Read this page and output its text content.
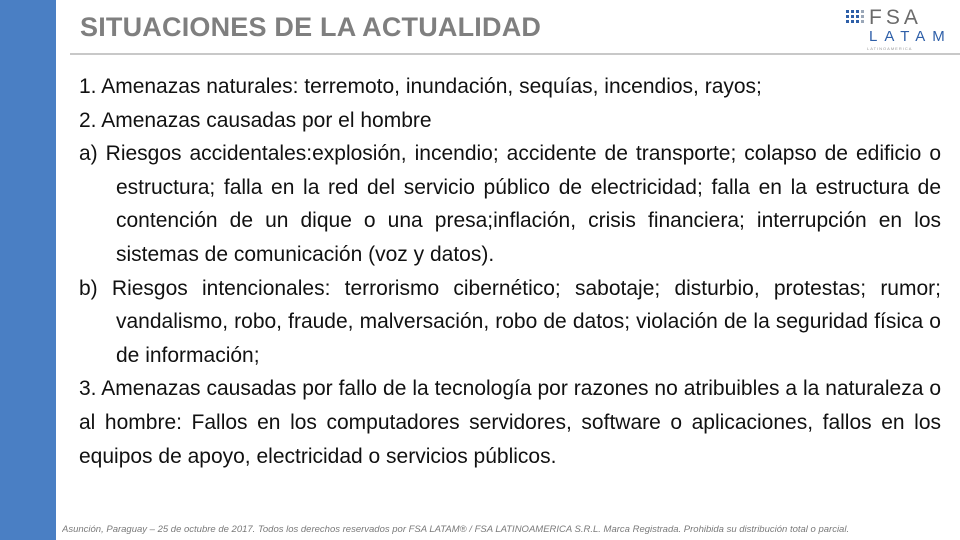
SITUACIONES DE LA ACTUALIDAD	FSA
LATAM
LATINOAMERICA

1. Amenazas naturales: terremoto, inundación, sequías, incendios, rayos;

2. Amenazas causadas por el hombre

a) Riesgos accidentales:explosión, incendio; accidente de transporte; colapso de edificio o estructura; falla en la red del servicio público de electricidad; falla en la estructura de contención de un dique o una presa;inflación, crisis financiera; interrupción en los sistemas de comunicación (voz y datos).

b) Riesgos intencionales: terrorismo cibernético; sabotaje; disturbio, protestas; rumor; vandalismo, robo, fraude, malversación, robo de datos; violación de la seguridad física o de información;

3. Amenazas causadas por fallo de la tecnología por razones no atribuibles a la naturaleza o al hombre: Fallos en los computadores servidores, software o aplicaciones, fallos en los equipos de apoyo, electricidad o servicios públicos.

Asunción, Paraguay – 25 de octubre de 2017. Todos los derechos reservados por FSA LATAM® / FSA LATINOAMERICA S.R.L. Marca Registrada. Prohibida su distribución total o parcial.
